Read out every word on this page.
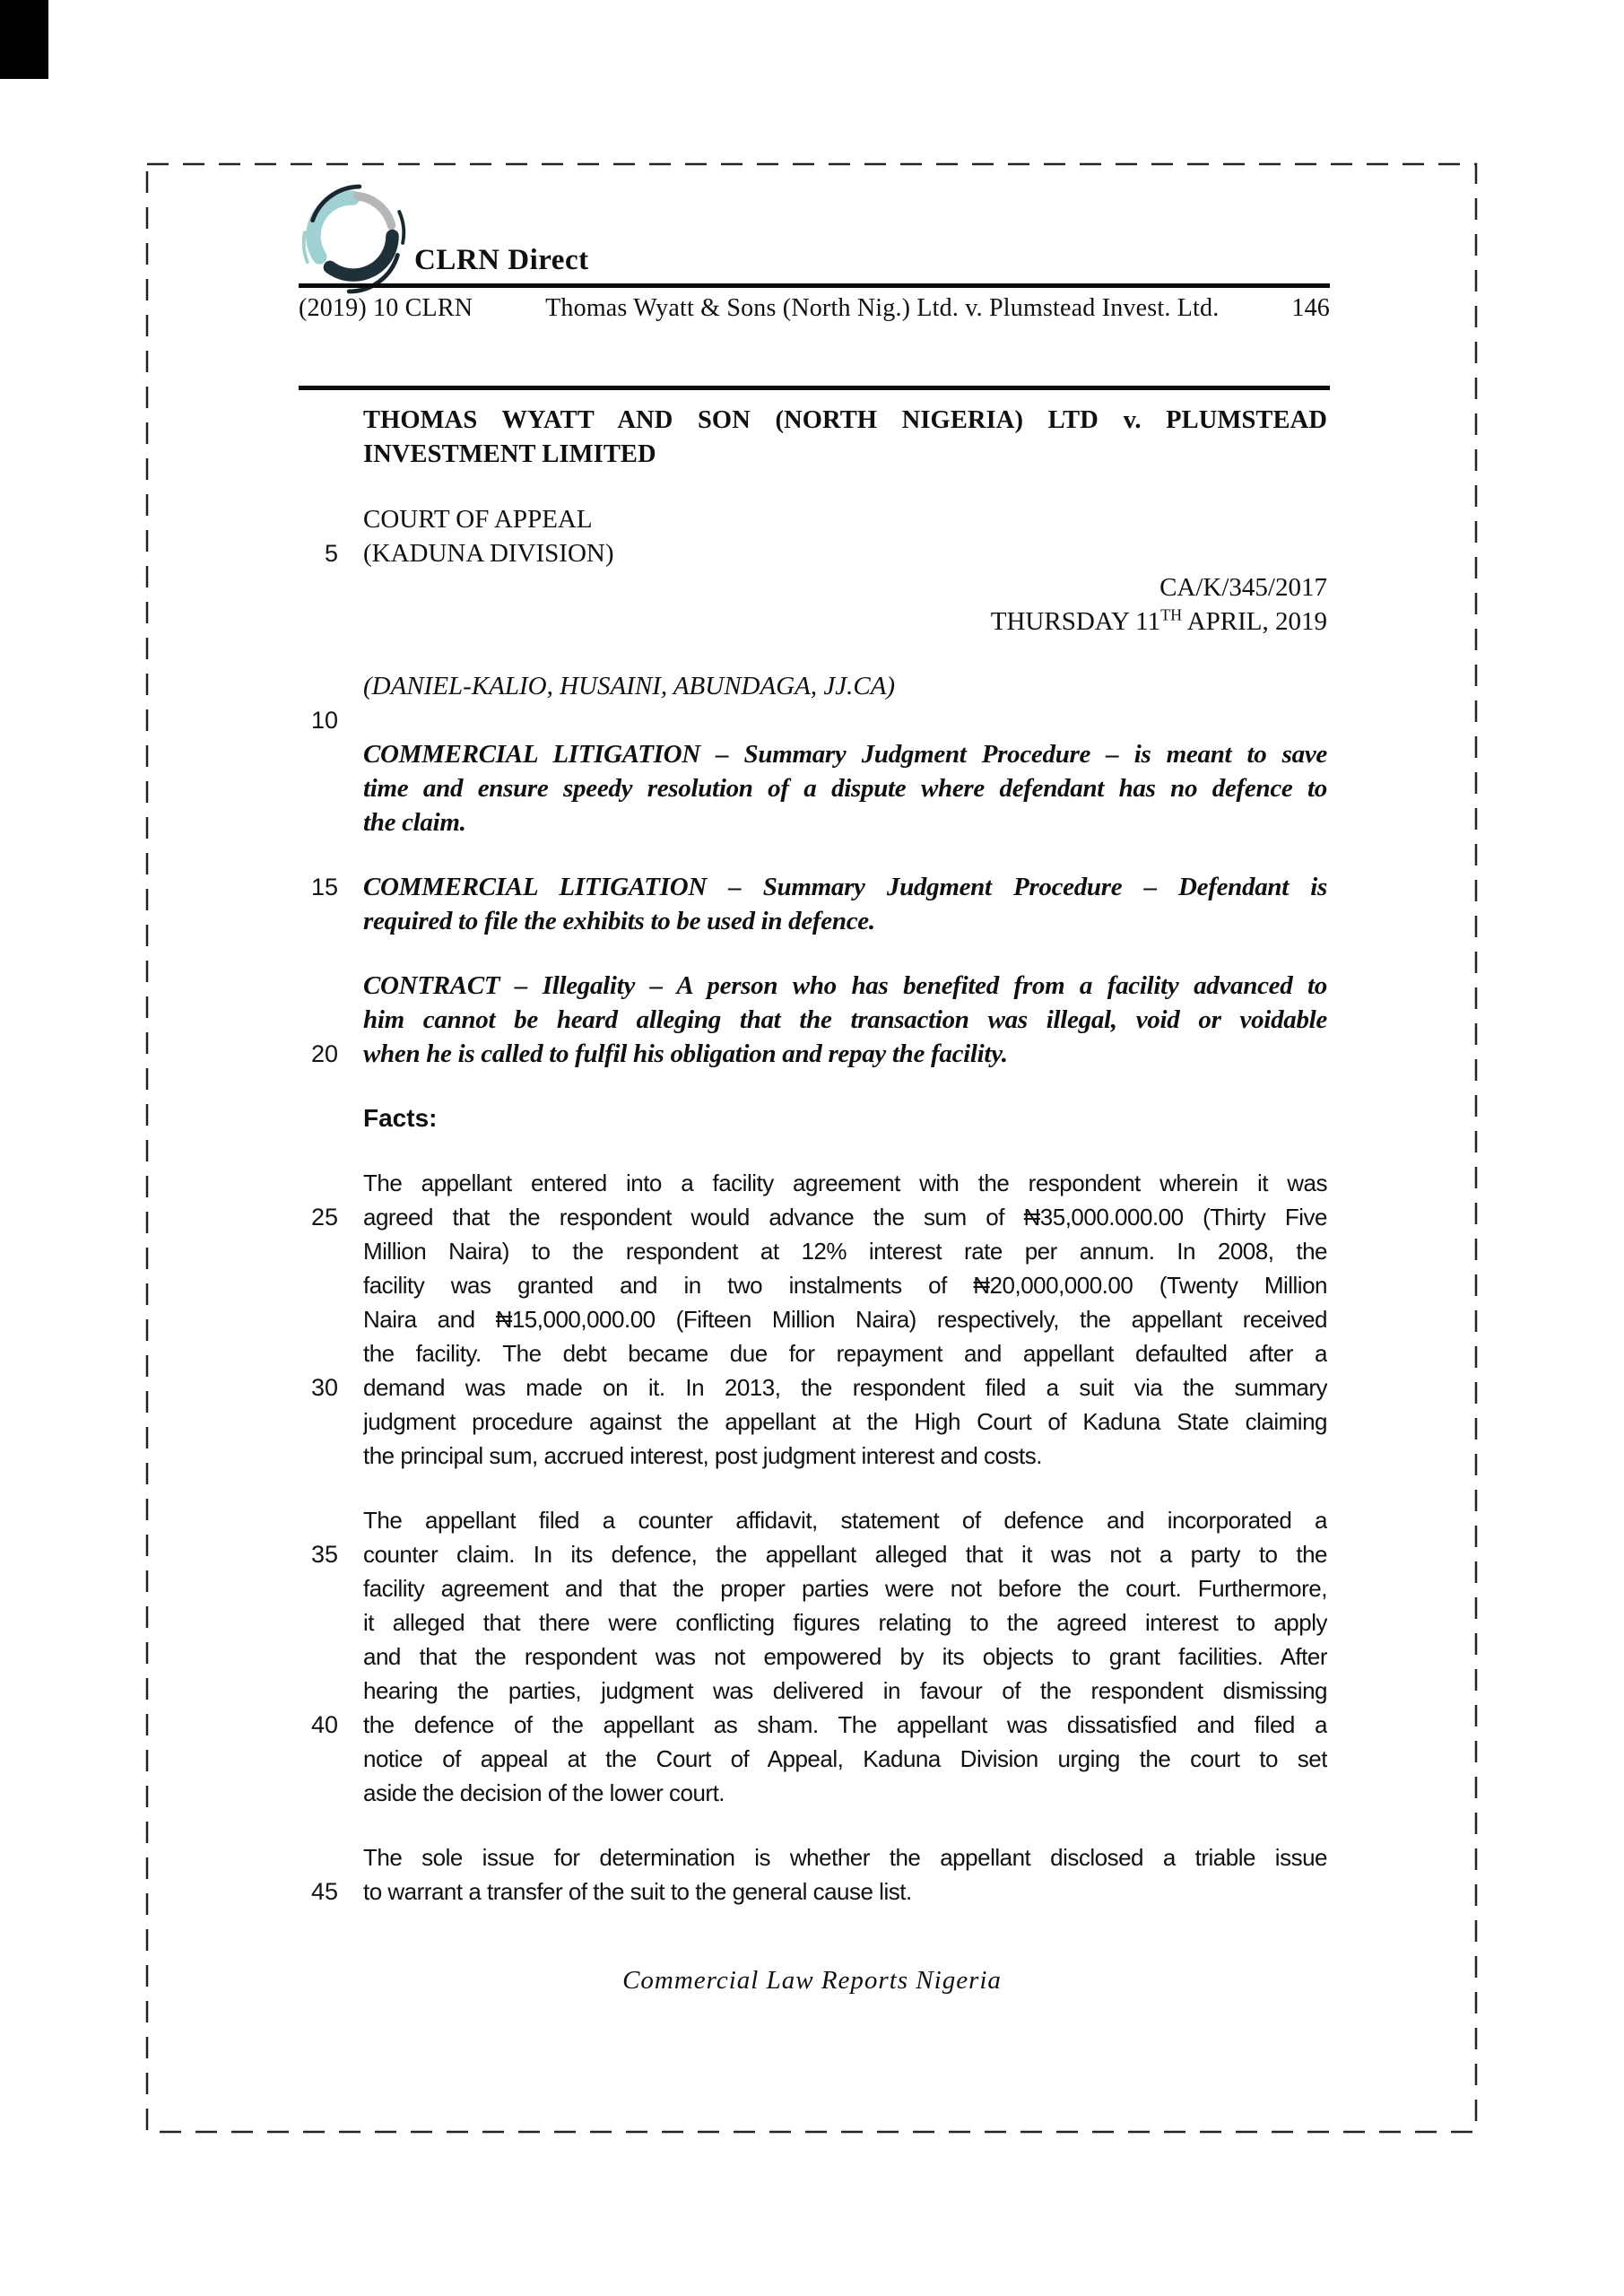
CLRN Direct
(2019) 10 CLRN	Thomas Wyatt & Sons (North Nig.) Ltd. v. Plumstead Invest. Ltd.	146
THOMAS WYATT AND SON (NORTH NIGERIA) LTD v. PLUMSTEAD
INVESTMENT LIMITED
COURT OF APPEAL
5 (KADUNA DIVISION)
CA/K/345/2017
THURSDAY 11TH APRIL, 2019
(DANIEL-KALIO, HUSAINI, ABUNDAGA, JJ.CA)
10
COMMERCIAL LITIGATION – Summary Judgment Procedure – is meant to save
time and ensure speedy resolution of a dispute where defendant has no defence to
the claim.
15 COMMERCIAL LITIGATION – Summary Judgment Procedure – Defendant is
required to file the exhibits to be used in defence.
CONTRACT – Illegality – A person who has benefited from a facility advanced to
him cannot be heard alleging that the transaction was illegal, void or voidable
20 when he is called to fulfil his obligation and repay the facility.
Facts:
The appellant entered into a facility agreement with the respondent wherein it was
25 agreed that the respondent would advance the sum of ₦35,000.000.00 (Thirty Five
Million Naira) to the respondent at 12% interest rate per annum. In 2008, the
facility was granted and in two instalments of ₦20,000,000.00 (Twenty Million
Naira and ₦15,000,000.00 (Fifteen Million Naira) respectively, the appellant received
the facility. The debt became due for repayment and appellant defaulted after a
30 demand was made on it. In 2013, the respondent filed a suit via the summary
judgment procedure against the appellant at the High Court of Kaduna State claiming
the principal sum, accrued interest, post judgment interest and costs.
The appellant filed a counter affidavit, statement of defence and incorporated a
35 counter claim. In its defence, the appellant alleged that it was not a party to the
facility agreement and that the proper parties were not before the court. Furthermore,
it alleged that there were conflicting figures relating to the agreed interest to apply
and that the respondent was not empowered by its objects to grant facilities. After
hearing the parties, judgment was delivered in favour of the respondent dismissing
40 the defence of the appellant as sham. The appellant was dissatisfied and filed a
notice of appeal at the Court of Appeal, Kaduna Division urging the court to set
aside the decision of the lower court.
The sole issue for determination is whether the appellant disclosed a triable issue
45 to warrant a transfer of the suit to the general cause list.
Commercial Law Reports Nigeria
